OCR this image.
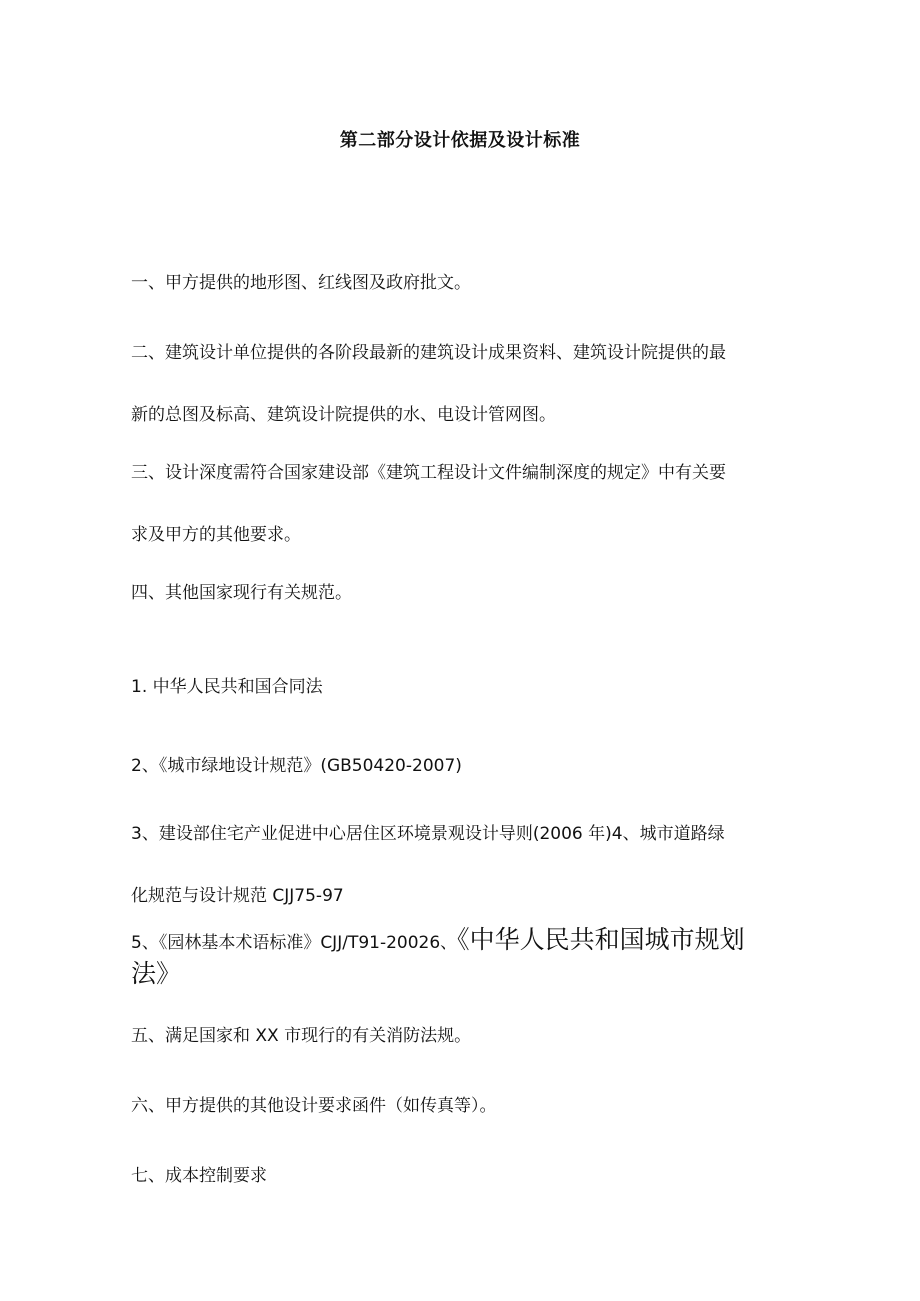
第二部分设计依据及设计标准
一、甲方提供的地形图、红线图及政府批文。
二、建筑设计单位提供的各阶段最新的建筑设计成果资料、建筑设计院提供的最
新的总图及标高、建筑设计院提供的水、电设计管网图。
三、设计深度需符合国家建设部《建筑工程设计文件编制深度的规定》中有关要
求及甲方的其他要求。
四、其他国家现行有关规范。
1. 中华人民共和国合同法
2、《城市绿地设计规范》(GB50420-2007)
3、建设部住宅产业促进中心居住区环境景观设计导则(2006 年)4、城市道路绿
化规范与设计规范 CJJ75-97
5、《园林基本术语标准》CJJ/T91-20026、《中华人民共和国城市规划
法》
五、满足国家和 XX 市现行的有关消防法规。
六、甲方提供的其他设计要求函件（如传真等）。
七、成本控制要求
